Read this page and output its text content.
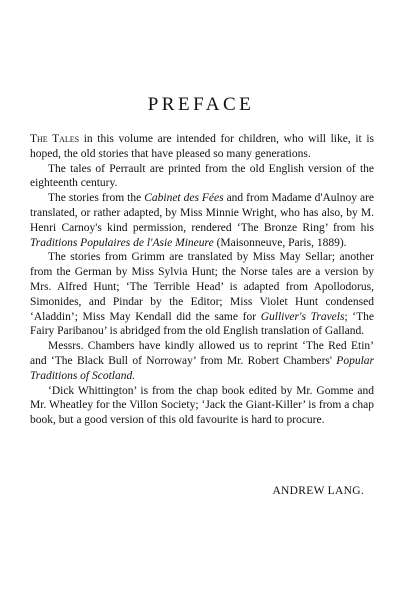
PREFACE

The Tales in this volume are intended for children, who will like, it is hoped, the old stories that have pleased so many generations.

The tales of Perrault are printed from the old English version of the eighteenth century.

The stories from the Cabinet des Fées and from Madame d'Aulnoy are translated, or rather adapted, by Miss Minnie Wright, who has also, by M. Henri Carnoy's kind permission, rendered ‘The Bronze Ring’ from his Traditions Populaires de l'Asie Mineure (Maisonneuve, Paris, 1889).

The stories from Grimm are translated by Miss May Sellar; another from the German by Miss Sylvia Hunt; the Norse tales are a version by Mrs. Alfred Hunt; ‘The Terrible Head’ is adapted from Apollodorus, Simonides, and Pindar by the Editor; Miss Violet Hunt condensed ‘Aladdin’; Miss May Kendall did the same for Gulliver's Travels; ‘The Fairy Paribanou’ is abridged from the old English translation of Galland.

Messrs. Chambers have kindly allowed us to reprint ‘The Red Etin’ and ‘The Black Bull of Norroway’ from Mr. Robert Chambers' Popular Traditions of Scotland.

‘Dick Whittington’ is from the chap book edited by Mr. Gomme and Mr. Wheatley for the Villon Society; ‘Jack the Giant-Killer’ is from a chap book, but a good version of this old favourite is hard to procure.

ANDREW LANG.
